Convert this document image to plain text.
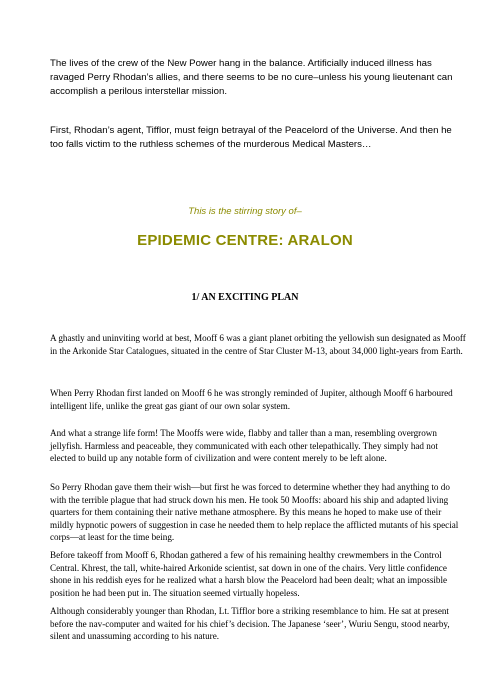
The lives of the crew of the New Power hang in the balance. Artificially induced illness has ravaged Perry Rhodan’s allies, and there seems to be no cure–unless his young lieutenant can accomplish a perilous interstellar mission.

First, Rhodan’s agent, Tifflor, must feign betrayal of the Peacelord of the Universe. And then he too falls victim to the ruthless schemes of the murderous Medical Masters…

This is the stirring story of–

EPIDEMIC CENTRE: ARALON
1/ AN EXCITING PLAN

A ghastly and uninviting world at best, Mooff 6 was a giant planet orbiting the yellowish sun designated as Mooff in the Arkonide Star Catalogues, situated in the centre of Star Cluster M-13, about 34,000 light-years from Earth.

When Perry Rhodan first landed on Mooff 6 he was strongly reminded of Jupiter, although Mooff 6 harboured intelligent life, unlike the great gas giant of our own solar system.

And what a strange life form! The Mooffs were wide, flabby and taller than a man, resembling overgrown jellyfish. Harmless and peaceable, they communicated with each other telepathically. They simply had not elected to build up any notable form of civilization and were content merely to be left alone.

So Perry Rhodan gave them their wish—but first he was forced to determine whether they had anything to do with the terrible plague that had struck down his men. He took 50 Mooffs: aboard his ship and adapted living quarters for them containing their native methane atmosphere. By this means he hoped to make use of their mildly hypnotic powers of suggestion in case he needed them to help replace the afflicted mutants of his special corps—at least for the time being.

Before takeoff from Mooff 6, Rhodan gathered a few of his remaining healthy crewmembers in the Control Central. Khrest, the tall, white-haired Arkonide scientist, sat down in one of the chairs. Very little confidence shone in his reddish eyes for he realized what a harsh blow the Peacelord had been dealt; what an impossible position he had been put in. The situation seemed virtually hopeless.

Although considerably younger than Rhodan, Lt. Tifflor bore a striking resemblance to him. He sat at present before the nav-computer and waited for his chief’s decision. The Japanese ‘seer’, Wuriu Sengu, stood nearby, silent and unassuming according to his nature.
